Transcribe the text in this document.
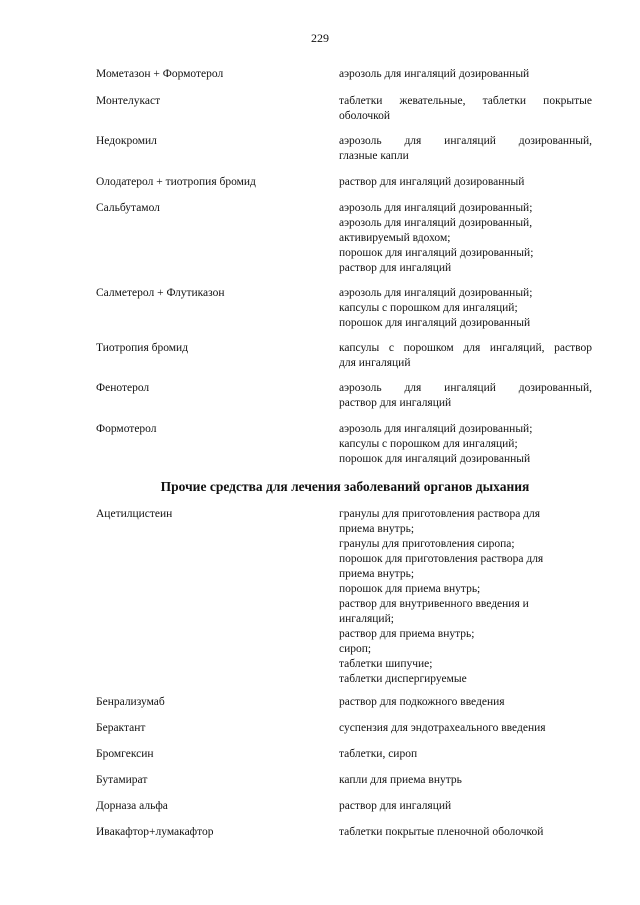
229
Мометазон + Формотерол	аэрозоль для ингаляций дозированный
Монтелукаст	таблетки жевательные, таблетки покрытые
оболочкой
Недокромил	аэрозоль для ингаляций дозированный,
глазные капли
Олодатерол + тиотропия бромид	раствор для ингаляций дозированный
Сальбутамол	аэрозоль для ингаляций дозированный;
аэрозоль для ингаляций дозированный,
активируемый вдохом;
порошок для ингаляций дозированный;
раствор для ингаляций
Салметерол + Флутиказон	аэрозоль для ингаляций дозированный;
капсулы с порошком для ингаляций;
порошок для ингаляций дозированный
Тиотропия бромид	капсулы с порошком для ингаляций, раствор
для ингаляций
Фенотерол	аэрозоль для ингаляций дозированный,
раствор для ингаляций
Формотерол	аэрозоль для ингаляций дозированный;
капсулы с порошком для ингаляций;
порошок для ингаляций дозированный
Ацетилцистеин	гранулы для приготовления раствора для
приема внутрь;
гранулы для приготовления сиропа;
порошок для приготовления раствора для
приема внутрь;
порошок для приема внутрь;
раствор для внутривенного введения и
ингаляций;
раствор для приема внутрь;
сироп;
таблетки шипучие;
таблетки диспергируемые
Бенрализумаб	раствор для подкожного введения
Берактант	суспензия для эндотрахеального введения
Бромгексин	таблетки, сироп
Бутамират	капли для приема внутрь
Дорназа альфа	раствор для ингаляций
Ивакафтор+лумакафтор	таблетки покрытые пленочной оболочкой
Прочие средства для лечения заболеваний органов дыхания
